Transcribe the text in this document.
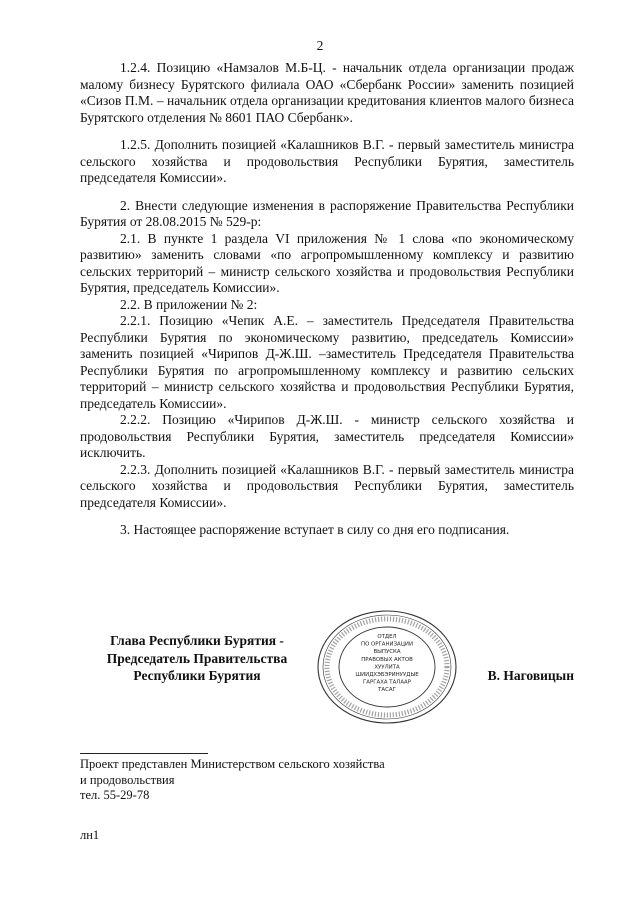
2

1.2.4. Позицию «Намзалов М.Б-Ц. - начальник отдела организации продаж малому бизнесу Бурятского филиала ОАО «Сбербанк России» заменить позицией «Сизов П.М. – начальник отдела организации кредитования клиентов малого бизнеса Бурятского отделения № 8601 ПАО Сбербанк».

1.2.5. Дополнить позицией «Калашников В.Г. - первый заместитель министра сельского хозяйства и продовольствия Республики Бурятия, заместитель председателя Комиссии».

2. Внести следующие изменения в распоряжение Правительства Республики Бурятия от 28.08.2015 № 529-р:

2.1. В пункте 1 раздела VI приложения № 1 слова «по экономическому развитию» заменить словами «по агропромышленному комплексу и развитию сельских территорий – министр сельского хозяйства и продовольствия Республики Бурятия, председатель Комиссии».

2.2. В приложении № 2:

2.2.1. Позицию «Чепик А.Е. – заместитель Председателя Правительства Республики Бурятия по экономическому развитию, председатель Комиссии» заменить позицией «Чирипов Д-Ж.Ш. –заместитель Председателя Правительства Республики Бурятия по агропромышленному комплексу и развитию сельских территорий – министр сельского хозяйства и продовольствия Республики Бурятия, председатель Комиссии».

2.2.2. Позицию «Чирипов Д-Ж.Ш. - министр сельского хозяйства и продовольствия Республики Бурятия, заместитель председателя Комиссии» исключить.

2.2.3. Дополнить позицией «Калашников В.Г. - первый заместитель министра сельского хозяйства и продовольствия Республики Бурятия, заместитель председателя Комиссии».

3. Настоящее распоряжение вступает в силу со дня его подписания.

Глава Республики Бурятия -
Председатель Правительства
Республики Бурятия
ОТДЕЛ
ПО ОРГАНИЗАЦИИ
ВЫПУСКА
ПРАВОВЫХ АКТОВ
ХУУЛИТА
ШИИДХЭБЭРИНУУДЫЕ
ГАРГАХА ТАЛААР
ТАСАГ
В. Наговицын
Проект представлен Министерством сельского хозяйства
и продовольствия
тел. 55-29-78
лн1
